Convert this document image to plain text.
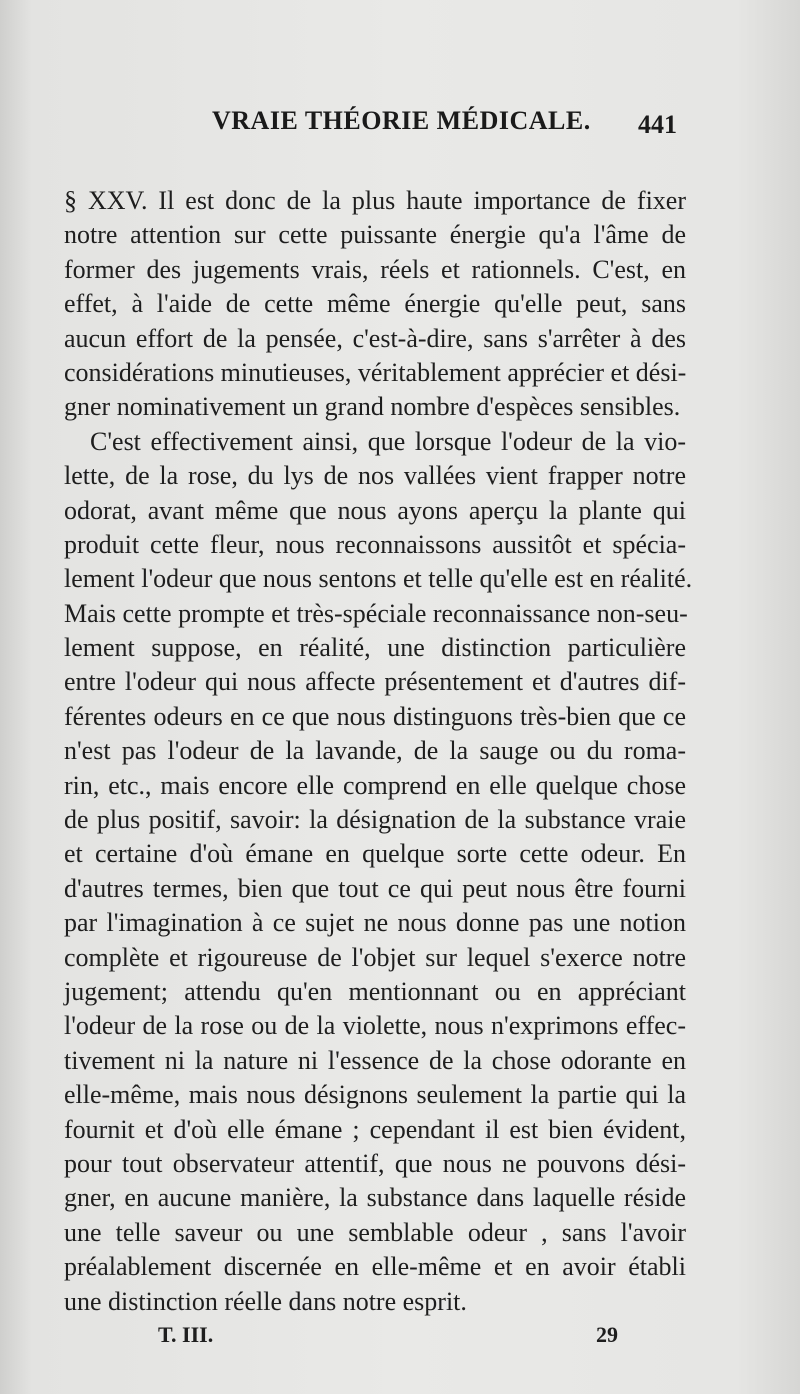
VRAIE THÉORIE MÉDICALE. 441
§ XXV. Il est donc de la plus haute importance de fixer
notre attention sur cette puissante énergie qu'a l'âme de
former des jugements vrais, réels et rationnels. C'est, en
effet, à l'aide de cette même énergie qu'elle peut, sans
aucun effort de la pensée, c'est-à-dire, sans s'arrêter à des
considérations minutieuses, véritablement apprécier et dési-
gner nominativement un grand nombre d'espèces sensibles.
C'est effectivement ainsi, que lorsque l'odeur de la vio-
lette, de la rose, du lys de nos vallées vient frapper notre
odorat, avant même que nous ayons aperçu la plante qui
produit cette fleur, nous reconnaissons aussitôt et spécia-
lement l'odeur que nous sentons et telle qu'elle est en réalité.
Mais cette prompte et très-spéciale reconnaissance non-seu-
lement suppose, en réalité, une distinction particulière
entre l'odeur qui nous affecte présentement et d'autres dif-
férentes odeurs en ce que nous distinguons très-bien que ce
n'est pas l'odeur de la lavande, de la sauge ou du roma-
rin, etc., mais encore elle comprend en elle quelque chose
de plus positif, savoir: la désignation de la substance vraie
et certaine d'où émane en quelque sorte cette odeur. En
d'autres termes, bien que tout ce qui peut nous être fourni
par l'imagination à ce sujet ne nous donne pas une notion
complète et rigoureuse de l'objet sur lequel s'exerce notre
jugement; attendu qu'en mentionnant ou en appréciant
l'odeur de la rose ou de la violette, nous n'exprimons effec-
tivement ni la nature ni l'essence de la chose odorante en
elle-même, mais nous désignons seulement la partie qui la
fournit et d'où elle émane ; cependant il est bien évident,
pour tout observateur attentif, que nous ne pouvons dési-
gner, en aucune manière, la substance dans laquelle réside
une telle saveur ou une semblable odeur , sans l'avoir
préalablement discernée en elle-même et en avoir établi
une distinction réelle dans notre esprit.
T. III.	29
